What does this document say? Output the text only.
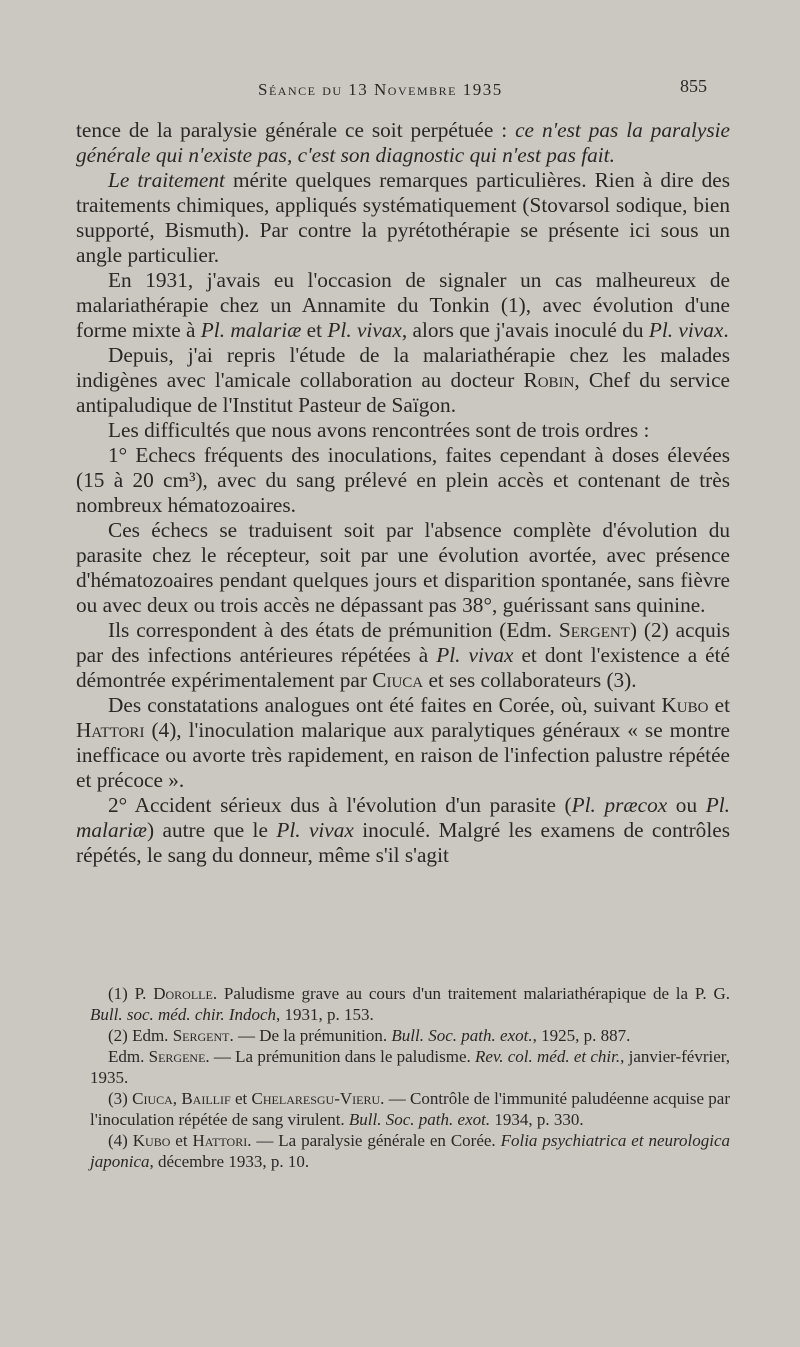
Séance du 13 Novembre 1935	855

tence de la paralysie générale ce soit perpétuée : ce n'est pas la paralysie générale qui n'existe pas, c'est son diagnostic qui n'est pas fait.

Le traitement mérite quelques remarques particulières. Rien à dire des traitements chimiques, appliqués systématiquement (Stovarsol sodique, bien supporté, Bismuth). Par contre la pyrétothérapie se présente ici sous un angle particulier.

En 1931, j'avais eu l'occasion de signaler un cas malheureux de malariathérapie chez un Annamite du Tonkin (1), avec évolution d'une forme mixte à Pl. malariæ et Pl. vivax, alors que j'avais inoculé du Pl. vivax.

Depuis, j'ai repris l'étude de la malariathérapie chez les malades indigènes avec l'amicale collaboration au docteur Robin, Chef du service antipaludique de l'Institut Pasteur de Saïgon.

Les difficultés que nous avons rencontrées sont de trois ordres :

1° Echecs fréquents des inoculations, faites cependant à doses élevées (15 à 20 cm³), avec du sang prélevé en plein accès et contenant de très nombreux hématozoaires.

Ces échecs se traduisent soit par l'absence complète d'évolution du parasite chez le récepteur, soit par une évolution avortée, avec présence d'hématozoaires pendant quelques jours et disparition spontanée, sans fièvre ou avec deux ou trois accès ne dépassant pas 38°, guérissant sans quinine.

Ils correspondent à des états de prémunition (Edm. Sergent) (2) acquis par des infections antérieures répétées à Pl. vivax et dont l'existence a été démontrée expérimentalement par Ciuca et ses collaborateurs (3).

Des constatations analogues ont été faites en Corée, où, suivant Kubo et Hattori (4), l'inoculation malarique aux paralytiques généraux « se montre inefficace ou avorte très rapidement, en raison de l'infection palustre répétée et précoce ».

2° Accident sérieux dus à l'évolution d'un parasite (Pl. præcox ou Pl. malariæ) autre que le Pl. vivax inoculé. Malgré les examens de contrôles répétés, le sang du donneur, même s'il s'agit

(1) P. Dorolle. Paludisme grave au cours d'un traitement malariathérapique de la P. G. Bull. soc. méd. chir. Indoch, 1931, p. 153.

(2) Edm. Sergent. — De la prémunition. Bull. Soc. path. exot., 1925, p. 887.

Edm. Sergene. — La prémunition dans le paludisme. Rev. col. méd. et chir., janvier-février, 1935.

(3) Ciuca, Baillif et Chelaresgu-Vieru. — Contrôle de l'immunité paludéenne acquise par l'inoculation répétée de sang virulent. Bull. Soc. path. exot. 1934, p. 330.

(4) Kubo et Hattori. — La paralysie générale en Corée. Folia psychiatrica et neurologica japonica, décembre 1933, p. 10.
